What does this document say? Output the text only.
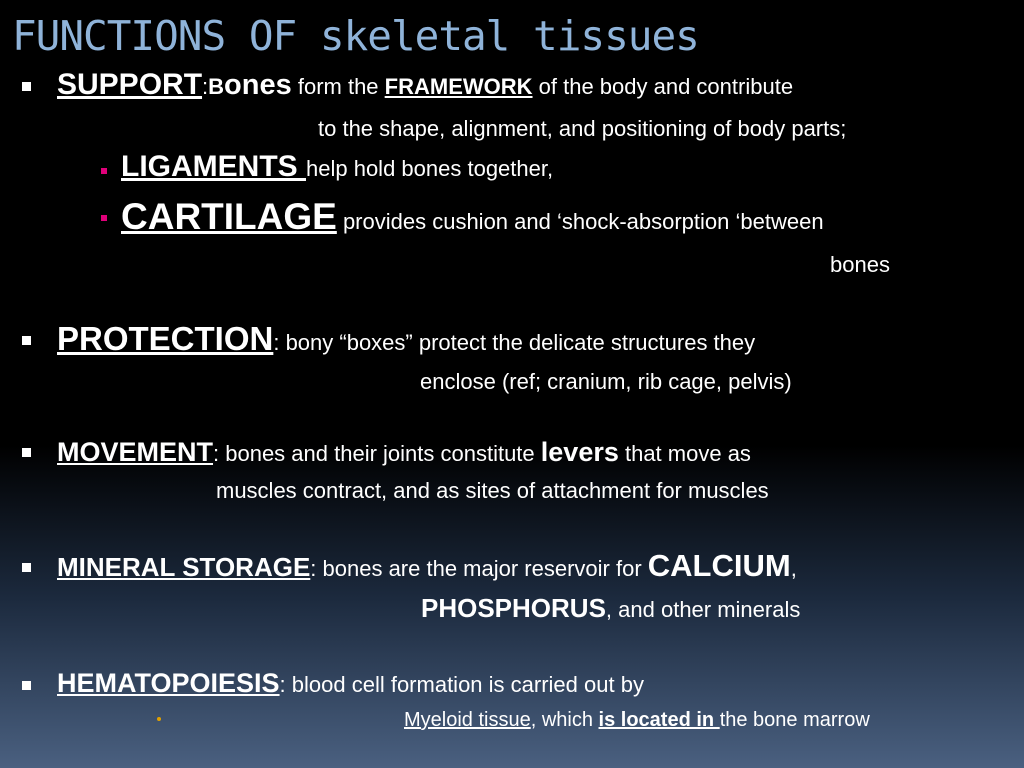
FUNCTIONS OF skeletal tissues
SUPPORT:Bones form the FRAMEWORK of the body and contribute
to the shape, alignment, and positioning of body parts;
LIGAMENTS help hold bones together,
CARTILAGE provides cushion and ‘shock-absorption ‘between
bones
PROTECTION: bony “boxes” protect the delicate structures they
enclose (ref; cranium, rib cage, pelvis)
MOVEMENT: bones and their joints constitute levers that move as
muscles contract, and as sites of attachment for muscles
MINERAL STORAGE: bones are the major reservoir for CALCIUM,
PHOSPHORUS, and other minerals
HEMATOPOIESIS: blood cell formation is carried out by
Myeloid tissue, which is located in the bone marrow
